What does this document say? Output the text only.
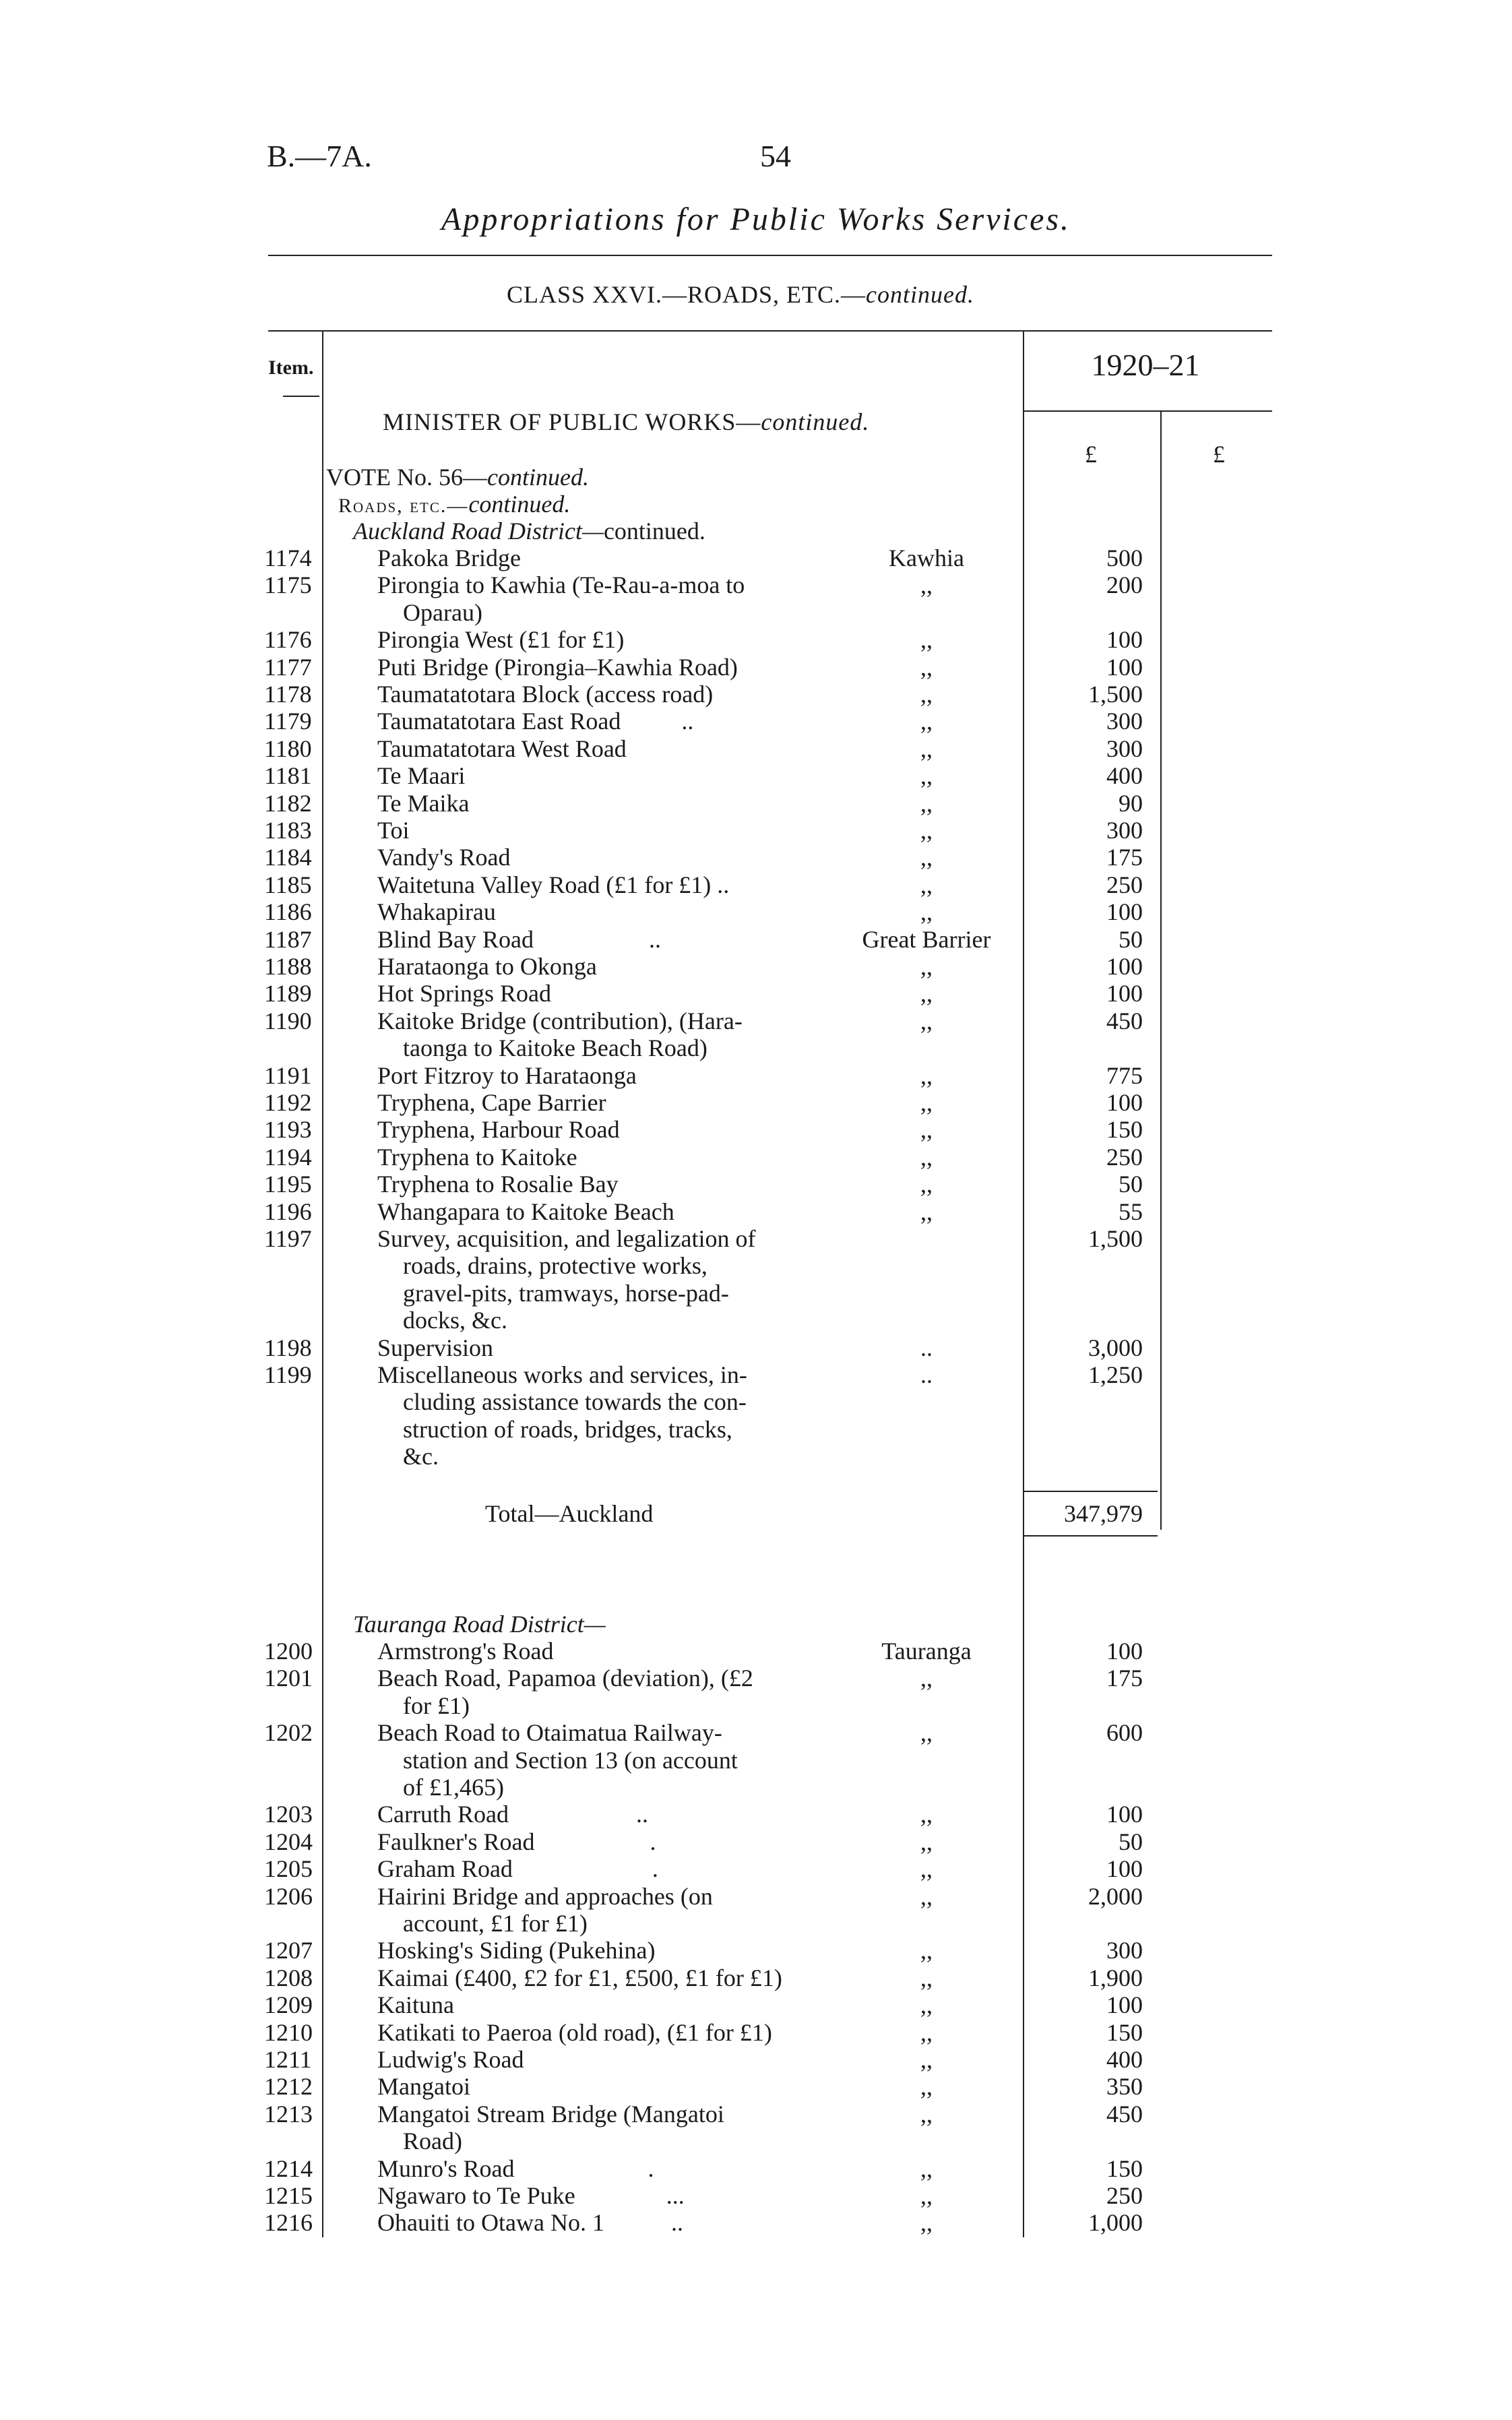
B.—7A.	54
Appropriations for Public Works Services.
CLASS XXVI.—ROADS, ETC.—continued.
Item.	1920–21
£	£
MINISTER OF PUBLIC WORKS—continued.
VOTE No. 56—continued.
Roads, etc.—continued.
Auckland Road District—continued.
1174	Pakoka Bridge	Kawhia	500
1175	Pirongia to Kawhia (Te-Rau-a-moa to
Oparau)
,,	200
1176	Pirongia West (£1 for £1)	,,	100
1177	Puti Bridge (Pirongia–Kawhia Road)	,,	100
1178	Taumatatotara Block (access road)	,,	1,500
1179	Taumatatotara East Road          ..	,,	300
1180	Taumatatotara West Road	,,	300
1181	Te Maari	,,	400
1182	Te Maika	,,	90
1183	Toi	,,	300
1184	Vandy's Road	,,	175
1185	Waitetuna Valley Road (£1 for £1) ..	,,	250
1186	Whakapirau	,,	100
1187	Blind Bay Road                   ..	Great Barrier	50
1188	Harataonga to Okonga	,,	100
1189	Hot Springs Road	,,	100
1190	Kaitoke Bridge (contribution), (Hara-
taonga to Kaitoke Beach Road)
,,	450
1191	Port Fitzroy to Harataonga	,,	775
1192	Tryphena, Cape Barrier	,,	100
1193	Tryphena, Harbour Road	,,	150
1194	Tryphena to Kaitoke	,,	250
1195	Tryphena to Rosalie Bay	,,	50
1196	Whangapara to Kaitoke Beach	,,	55
1197	Survey, acquisition, and legalization of
roads, drains, protective works,
gravel-pits, tramways, horse-pad-
docks, &c.
1,500
1198	Supervision	..	3,000
1199	Miscellaneous works and services, in-
cluding assistance towards the con-
struction of roads, bridges, tracks,
&c.
..	1,250
Total—Auckland	347,979
Tauranga Road District—
1200	Armstrong's Road	Tauranga	100
1201	Beach Road, Papamoa (deviation), (£2
for £1)
,,	175
1202	Beach Road to Otaimatua Railway-
station and Section 13 (on account
of £1,465)
,,	600
1203	Carruth Road                     ..	,,	100
1204	Faulkner's Road                   .	,,	50
1205	Graham Road                       .	,,	100
1206	Hairini Bridge and approaches (on
account, £1 for £1)
,,	2,000
1207	Hosking's Siding (Pukehina)	,,	300
1208	Kaimai (£400, £2 for £1, £500, £1 for £1)	,,	1,900
1209	Kaituna	,,	100
1210	Katikati to Paeroa (old road), (£1 for £1)	,,	150
1211	Ludwig's Road	,,	400
1212	Mangatoi	,,	350
1213	Mangatoi Stream Bridge (Mangatoi
Road)
,,	450
1214	Munro's Road                      .	,,	150
1215	Ngawaro to Te Puke               ...	,,	250
1216	Ohauiti to Otawa No. 1           ..	,,	1,000
